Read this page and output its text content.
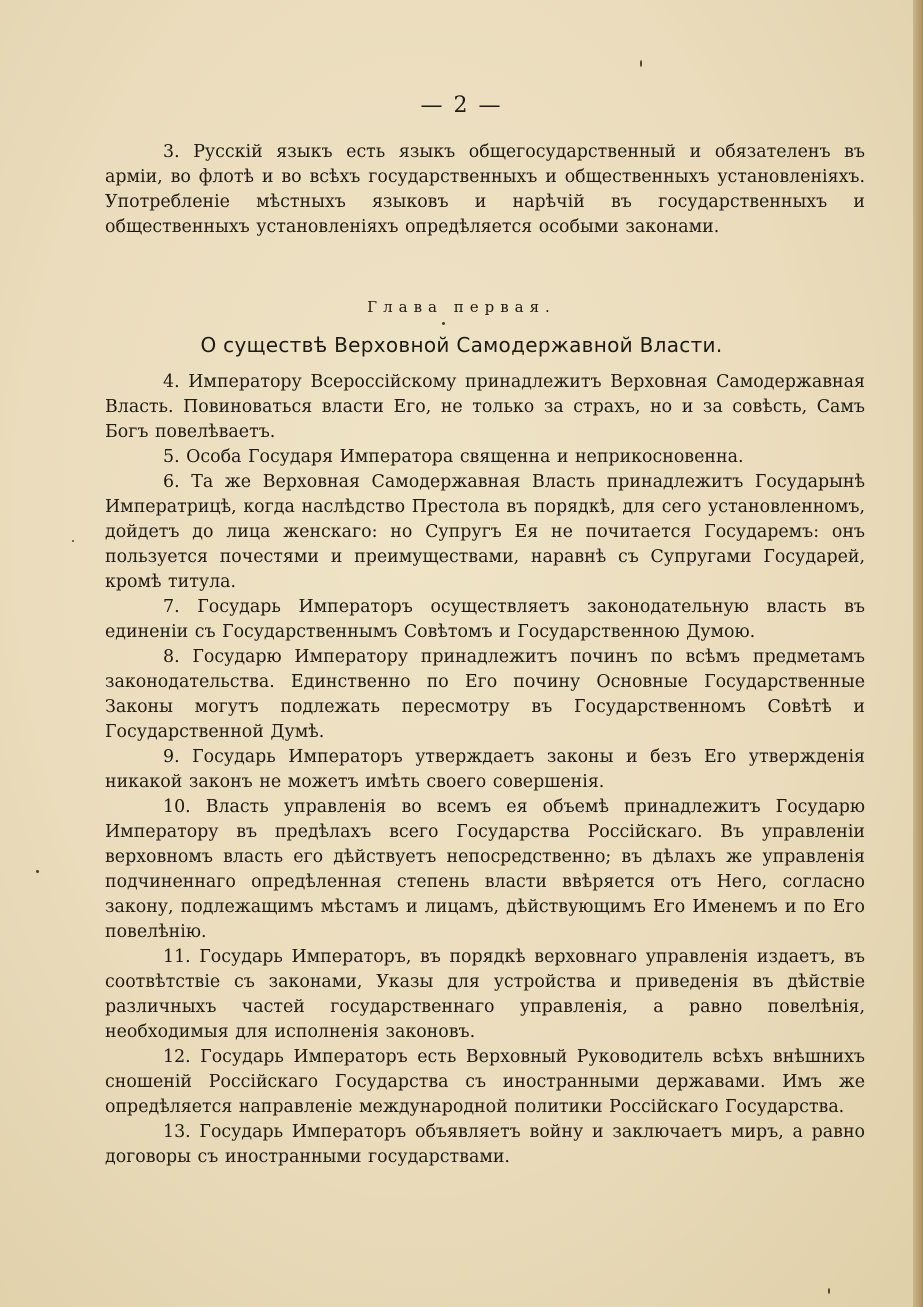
— 2 —

3. Русскій языкъ есть языкъ общегосударственный и обязателенъ въ арміи, во флотѣ и во всѣхъ государственныхъ и общественныхъ установленіяхъ. Употребленіе мѣстныхъ языковъ и нарѣчій въ государственныхъ и общественныхъ установленіяхъ опредѣляется особыми законами.

Глава первая.
О существѣ Верховной Самодержавной Власти.

4. Императору Всероссійскому принадлежитъ Верховная Самодержавная Власть. Повиноваться власти Его, не только за страхъ, но и за совѣсть, Самъ Богъ повелѣваетъ.

5. Особа Государя Императора священна и неприкосновенна.

6. Та же Верховная Самодержавная Власть принадлежитъ Государынѣ Императрицѣ, когда наслѣдство Престола въ порядкѣ, для сего установленномъ, дойдетъ до лица женскаго: но Супругъ Ея не почитается Государемъ: онъ пользуется почестями и преимуществами, наравнѣ съ Супругами Государей, кромѣ титула.

7. Государь Императоръ осуществляетъ законодательную власть въ единеніи съ Государственнымъ Совѣтомъ и Государственною Думою.

8. Государю Императору принадлежитъ починъ по всѣмъ предметамъ законодательства. Единственно по Его почину Основные Государственные Законы могутъ подлежать пересмотру въ Государственномъ Совѣтѣ и Государственной Думѣ.

9. Государь Императоръ утверждаетъ законы и безъ Его утвержденія никакой законъ не можетъ имѣть своего совершенія.

10. Власть управленія во всемъ ея объемѣ принадлежитъ Государю Императору въ предѣлахъ всего Государства Россійскаго. Въ управленіи верховномъ власть его дѣйствуетъ непосредственно; въ дѣлахъ же управленія подчиненнаго опредѣленная степень власти ввѣряется отъ Него, согласно закону, подлежащимъ мѣстамъ и лицамъ, дѣйствующимъ Его Именемъ и по Его повелѣнію.

11. Государь Императоръ, въ порядкѣ верховнаго управленія издаетъ, въ соотвѣтствіе съ законами, Указы для устройства и приведенія въ дѣйствіе различныхъ частей государственнаго управленія, а равно повелѣнія, необходимыя для исполненія законовъ.

12. Государь Императоръ есть Верховный Руководитель всѣхъ внѣшнихъ сношеній Россійскаго Государства съ иностранными державами. Имъ же опредѣляется направленіе международной политики Россійскаго Государства.

13. Государь Императоръ объявляетъ войну и заключаетъ миръ, а равно договоры съ иностранными государствами.
